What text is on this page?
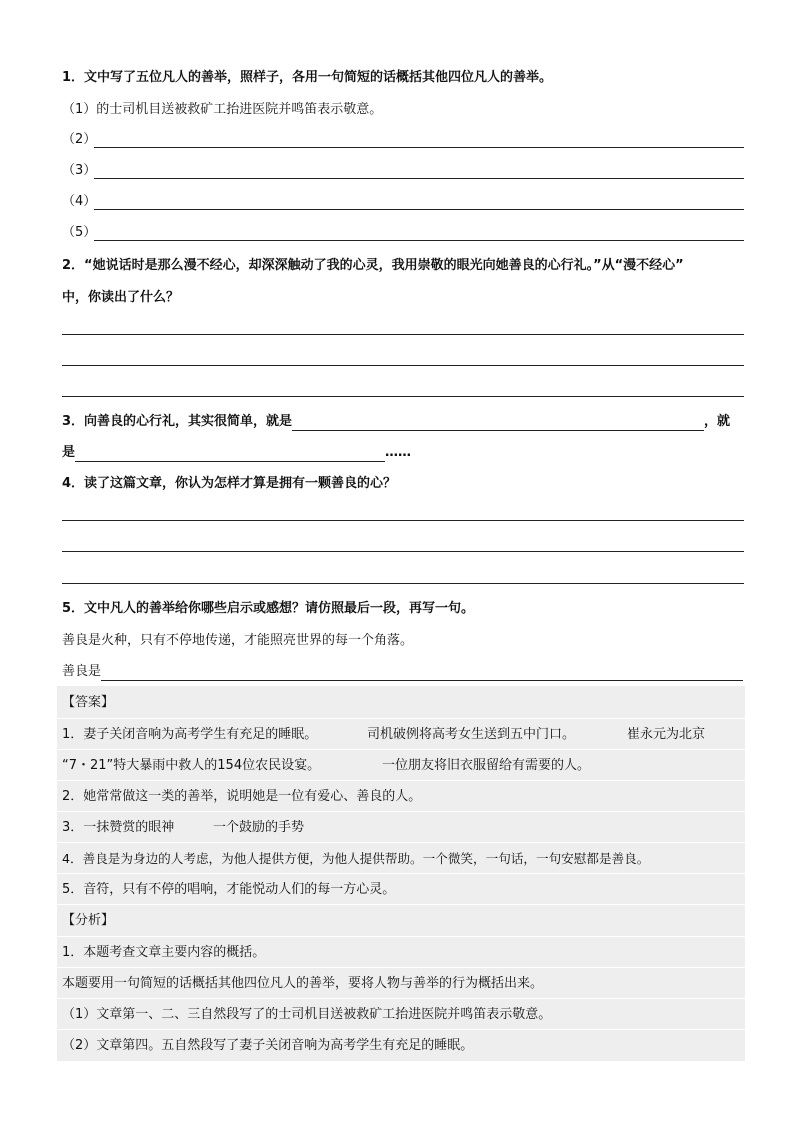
1．文中写了五位凡人的善举，照样子，各用一句简短的话概括其他四位凡人的善举。
（1）的士司机目送被救矿工抬进医院并鸣笛表示敬意。
（2）
（3）
（4）
（5）
2．“她说话时是那么漫不经心，却深深触动了我的心灵，我用崇敬的眼光向她善良的心行礼。”从“漫不经心”
中，你读出了什么？
3．向善良的心行礼，其实很简单，就是	，就
是	……
4．读了这篇文章，你认为怎样才算是拥有一颗善良的心？
5．文中凡人的善举给你哪些启示或感想？请仿照最后一段，再写一句。
善良是火种，只有不停地传递，才能照亮世界的每一个角落。
善良是
【答案】
1．妻子关闭音响为高考学生有充足的睡眠。	司机破例将高考女生送到五中门口。	崔永元为北京
“7・21”特大暴雨中救人的154位农民设宴。	一位朋友将旧衣服留给有需要的人。
2．她常常做这一类的善举，说明她是一位有爱心、善良的人。
3．一抹赞赏的眼神	一个鼓励的手势
4．善良是为身边的人考虑，为他人提供方便，为他人提供帮助。一个微笑，一句话，一句安慰都是善良。
5．音符，只有不停的唱响，才能悦动人们的每一方心灵。
【分析】
1．本题考查文章主要内容的概括。
本题要用一句简短的话概括其他四位凡人的善举，要将人物与善举的行为概括出来。
（1）文章第一、二、三自然段写了的士司机目送被救矿工抬进医院并鸣笛表示敬意。
（2）文章第四。五自然段写了妻子关闭音响为高考学生有充足的睡眠。
